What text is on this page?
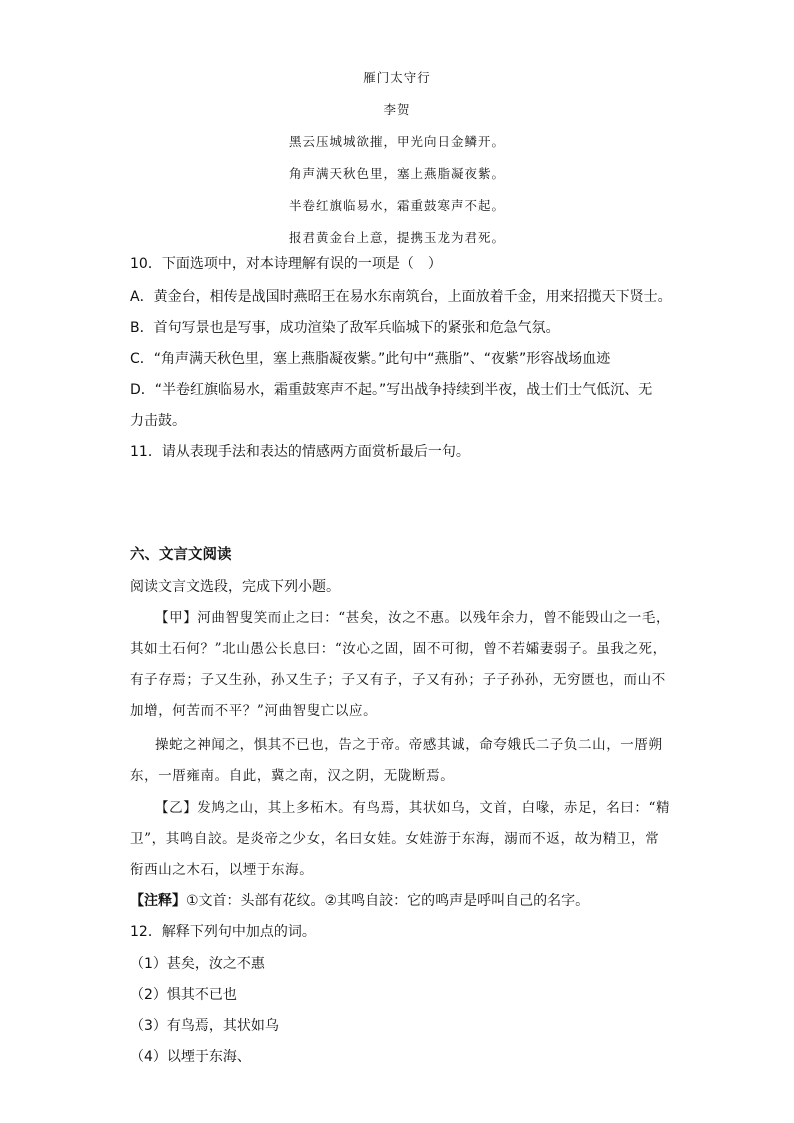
雁门太守行
李贺
黑云压城城欲摧，甲光向日金鳞开。
角声满天秋色里，塞上燕脂凝夜紫。
半卷红旗临易水，霜重鼓寒声不起。
报君黄金台上意，提携玉龙为君死。
10．下面选项中，对本诗理解有误的一项是（　）
A．黄金台，相传是战国时燕昭王在易水东南筑台，上面放着千金，用来招揽天下贤士。
B．首句写景也是写事，成功渲染了敌军兵临城下的紧张和危急气氛。
C．“角声满天秋色里，塞上燕脂凝夜紫。”此句中“燕脂”、“夜紫”形容战场血迹
D．“半卷红旗临易水，霜重鼓寒声不起。”写出战争持续到半夜，战士们士气低沉、无
力击鼓。
11．请从表现手法和表达的情感两方面赏析最后一句。
六、文言文阅读
阅读文言文选段，完成下列小题。
【甲】河曲智叟笑而止之曰：“甚矣，汝之不惠。以残年余力，曾不能毁山之一毛，
其如土石何？”北山愚公长息曰：“汝心之固，固不可彻，曾不若孀妻弱子。虽我之死，
有子存焉；子又生孙，孙又生子；子又有子，子又有孙；子子孙孙，无穷匮也，而山不
加增，何苦而不平？”河曲智叟亡以应。
操蛇之神闻之，惧其不已也，告之于帝。帝感其诚，命夸娥氏二子负二山，一厝朔
东，一厝雍南。自此，冀之南，汉之阴，无陇断焉。
【乙】发鸠之山，其上多柘木。有鸟焉，其状如乌，文首，白喙，赤足，名曰：“精
卫”，其鸣自詨。是炎帝之少女，名曰女娃。女娃游于东海，溺而不返，故为精卫，常
衔西山之木石，以堙于东海。
【注释】①文首：头部有花纹。②其鸣自詨：它的鸣声是呼叫自己的名字。
12．解释下列句中加点的词。
（1）甚矣，汝之不惠
（2）惧其不已也
（3）有鸟焉，其状如乌
（4）以堙于东海、
